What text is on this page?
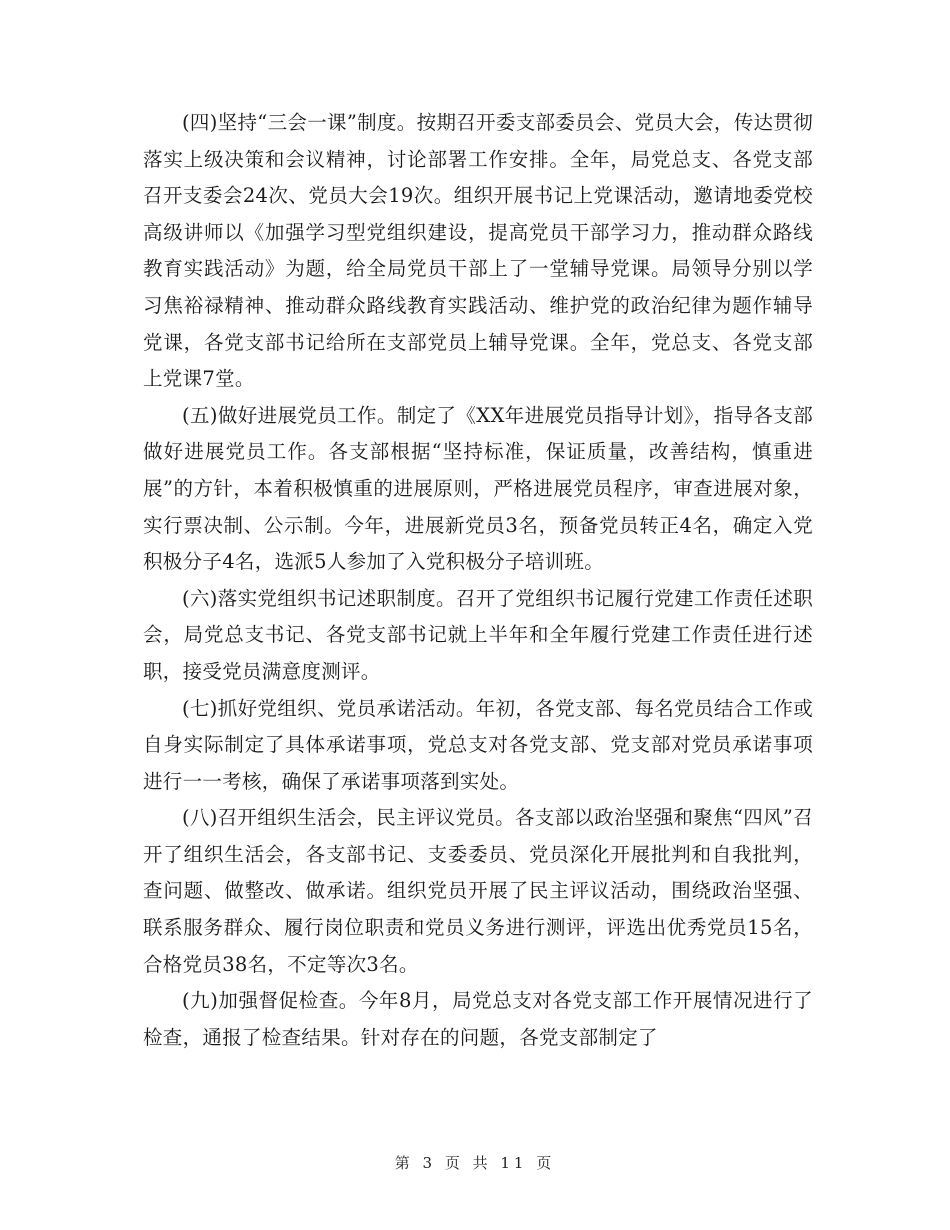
(四)坚持“三会一课”制度。按期召开委支部委员会、党员大会，传达贯彻落实上级决策和会议精神，讨论部署工作安排。全年，局党总支、各党支部召开支委会24次、党员大会19次。组织开展书记上党课活动，邀请地委党校高级讲师以《加强学习型党组织建设，提高党员干部学习力，推动群众路线教育实践活动》为题，给全局党员干部上了一堂辅导党课。局领导分别以学习焦裕禄精神、推动群众路线教育实践活动、维护党的政治纪律为题作辅导党课，各党支部书记给所在支部党员上辅导党课。全年，党总支、各党支部上党课7堂。

(五)做好进展党员工作。制定了《XX年进展党员指导计划》，指导各支部做好进展党员工作。各支部根据“坚持标准，保证质量，改善结构，慎重进展”的方针，本着积极慎重的进展原则，严格进展党员程序，审查进展对象，实行票决制、公示制。今年，进展新党员3名，预备党员转正4名，确定入党积极分子4名，选派5人参加了入党积极分子培训班。

(六)落实党组织书记述职制度。召开了党组织书记履行党建工作责任述职会，局党总支书记、各党支部书记就上半年和全年履行党建工作责任进行述职，接受党员满意度测评。

(七)抓好党组织、党员承诺活动。年初，各党支部、每名党员结合工作或自身实际制定了具体承诺事项，党总支对各党支部、党支部对党员承诺事项进行一一考核，确保了承诺事项落到实处。

(八)召开组织生活会，民主评议党员。各支部以政治坚强和聚焦“四风”召开了组织生活会，各支部书记、支委委员、党员深化开展批判和自我批判，查问题、做整改、做承诺。组织党员开展了民主评议活动，围绕政治坚强、联系服务群众、履行岗位职责和党员义务进行测评，评选出优秀党员15名，合格党员38名，不定等次3名。

(九)加强督促检查。今年8月，局党总支对各党支部工作开展情况进行了检查，通报了检查结果。针对存在的问题，各党支部制定了

第 3 页 共 11 页
